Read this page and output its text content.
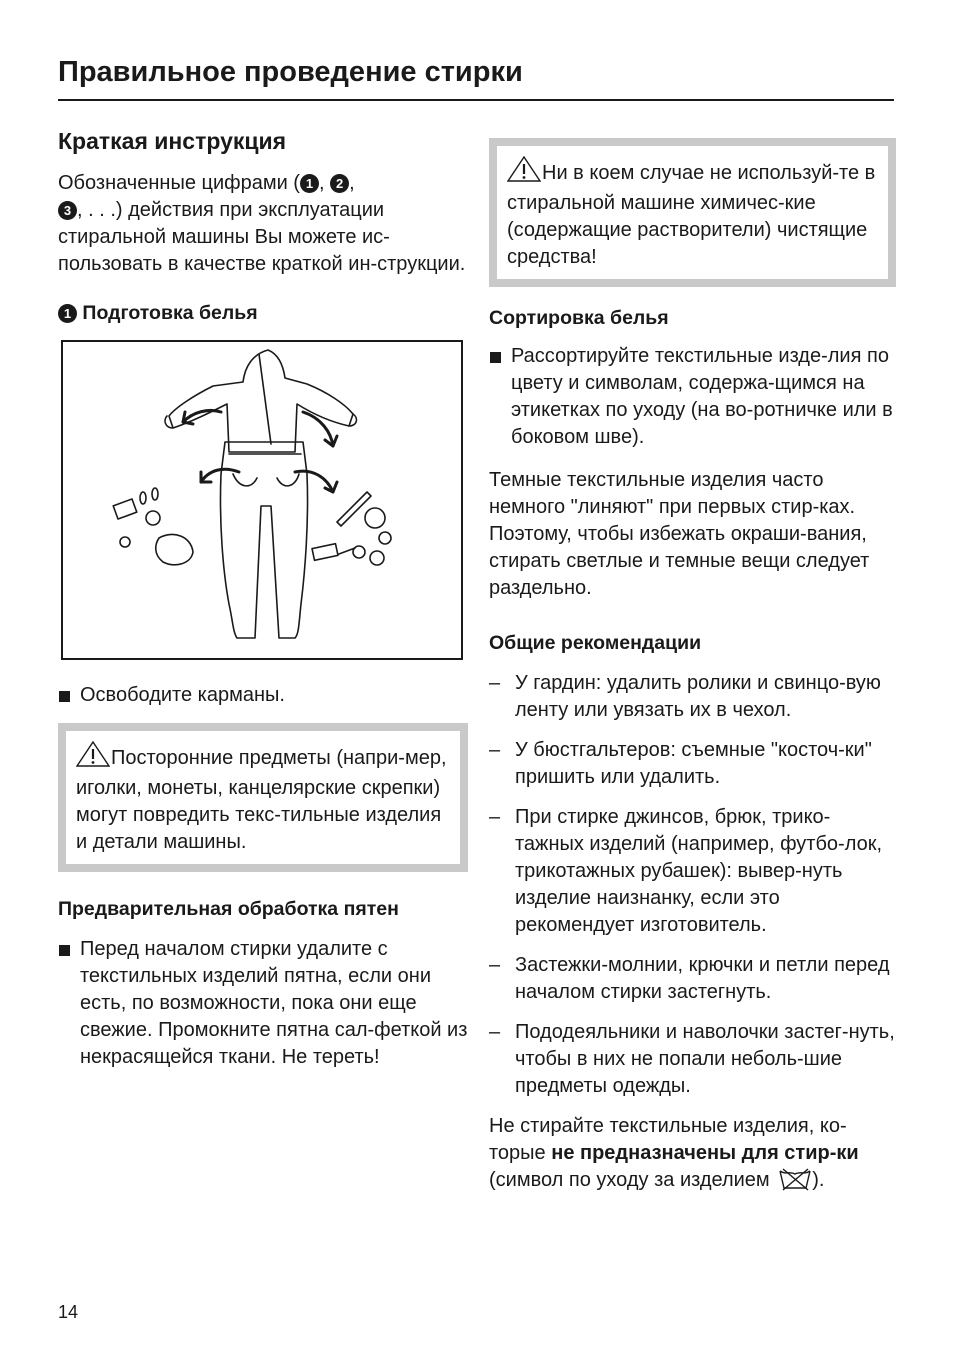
Правильное проведение стирки
Краткая инструкция

Обозначенные цифрами ( 1 , 2 ,
3 , . . .) действия при эксплуатации стиральной машины Вы можете ис-пользовать в качестве краткой ин-струкции.

1 Подготовка белья
Освободите карманы.

Посторонние предметы (напри-мер, иголки, монеты, канцелярские скрепки) могут повредить текс-тильные изделия и детали машины.

Предварительная обработка пятен
Перед началом стирки удалите с текстильных изделий пятна, если они есть, по возможности, пока они еще свежие. Промокните пятна сал-феткой из некрасящейся ткани. Не тереть!

Ни в коем случае не используй-те в стиральной машине химичес-кие (содержащие растворители) чистящие средства!

Сортировка белья
Рассортируйте текстильные изде-лия по цвету и символам, содержа-щимся на этикетках по уходу (на во-ротничке или в боковом шве).

Темные текстильные изделия часто немного "линяют" при первых стир-ках. Поэтому, чтобы избежать окраши-вания, стирать светлые и темные вещи следует раздельно.

Общие рекомендации
– У гардин: удалить ролики и свинцо-вую ленту или увязать их в чехол.
– У бюстгальтеров: съемные "косточ-ки" пришить или удалить.
– При стирке джинсов, брюк, трико-тажных изделий (например, футбо-лок, трикотажных рубашек): вывер-нуть изделие наизнанку, если это рекомендует изготовитель.
– Застежки-молнии, крючки и петли перед началом стирки застегнуть.
– Пододеяльники и наволочки застег-нуть, чтобы в них не попали неболь-шие предметы одежды.

Не стирайте текстильные изделия, ко-торые не предназначены для стир-ки (символ по уходу за изделием ).

14
